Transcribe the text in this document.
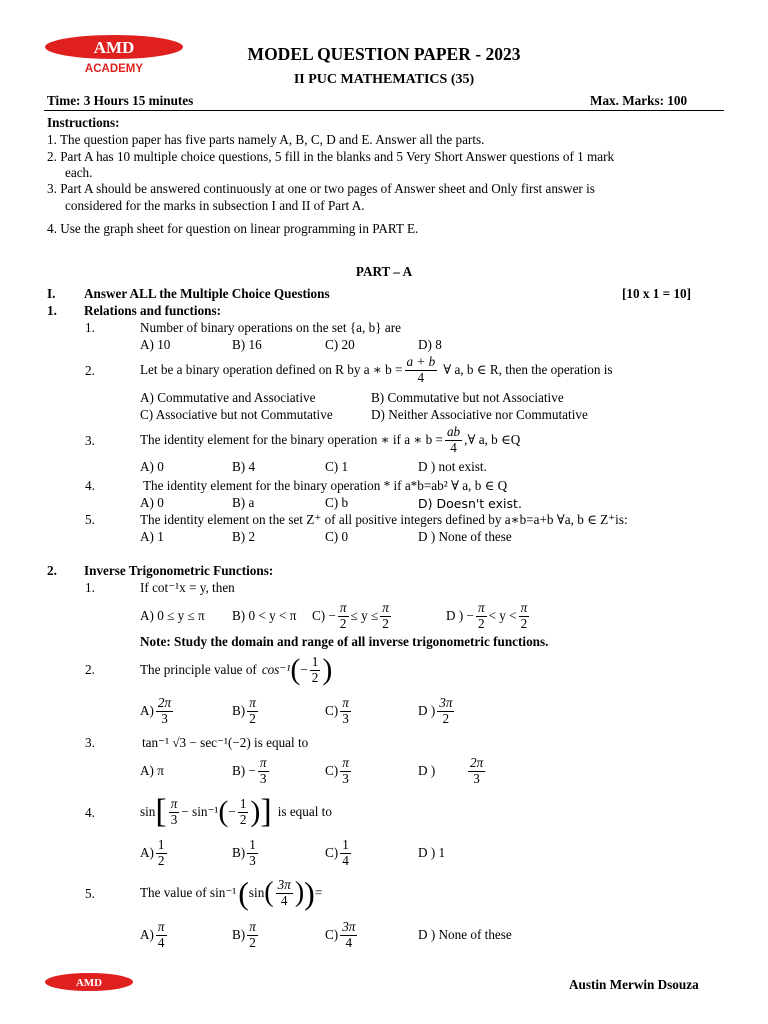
AMD
ACADEMY
MODEL QUESTION PAPER - 2023
II PUC MATHEMATICS (35)
Time: 3 Hours 15 minutes	Max. Marks: 100
Instructions:
1. The question paper has five parts namely A, B, C, D and E. Answer all the parts.
2. Part A has 10 multiple choice questions, 5 fill in the blanks and 5 Very Short Answer questions of 1 mark
each.
3. Part A should be answered continuously at one or two pages of Answer sheet and Only first answer is
considered for the marks in subsection I and II of Part A.
4. Use the graph sheet for question on linear programming in PART E.
PART – A
I. Answer ALL the Multiple Choice Questions	[10 x 1 = 10]
1. Relations and functions:
1.	Number of binary operations on the set {a, b} are
A) 10	B) 16	C) 20	D) 8
2.	Let be a binary operation defined on R by a ∗ $b = \frac{a + b}{4}$ ∀ a, b ∈ R, then the operation is
A) Commutative and Associative	B) Commutative but not Associative
C) Associative but not Commutative	D) Neither Associative nor Commutative
3.	The identity element for the binary operation ∗ if a ∗ $b = \frac{ab}{4}$ ,∀ a, b ∈Q
A) 0	B) 4	C) 1	D ) not exist.
4.	The identity element for the binary operation * if a*b=ab² ∀ a, b ∈ Q
A) 0	B) a	C) b	D) Doesn't exist.
5.	The identity element on the set Z⁺ of all positive integers defined by a∗b=a+b ∀a, b ∈ Z⁺is:
A) 1	B) 2	C) 0	D ) None of these
2. Inverse Trigonometric Functions:
1.	If cot⁻¹x = y, then
A) 0 ≤ y ≤ π	B) 0 < y < π	$C) - \frac{\pi}{2} \le y \le \frac{\pi}{2}$	D ) − $\frac{\pi}{2} < y < \frac{\pi}{2}$
Note: Study the domain and range of all inverse trigonometric functions.
2.	The principle value of cos⁻¹ ( − $\frac{1}{2}$ )
$A) \frac{2\pi}{3}$	$B) \frac{\pi}{2}$	$C) \frac{\pi}{3}$	D ) $\frac{3\pi}{2}$
3.	tan⁻¹ √3 − sec⁻¹(−2) is equal to
A) π	$B) - \frac{\pi}{3}$	$C) \frac{\pi}{3}$	D )	$\frac{2\pi}{3}$
4.	sin [ $\frac{\pi}{3} - \sin^{-1}$ ( − $\frac{1}{2}$ ) ] is equal to
$A) \frac{1}{2}$	$B) \frac{1}{3}$	$C) \frac{1}{4}$	D ) 1
5.	The value of sin⁻¹ ( sin ( $\frac{3\pi}{4}$ ) ) =
$A) \frac{\pi}{4}$	$B) \frac{\pi}{2}$	$C) \frac{3\pi}{4}$	D ) None of these
AMD	Austin Merwin Dsouza
